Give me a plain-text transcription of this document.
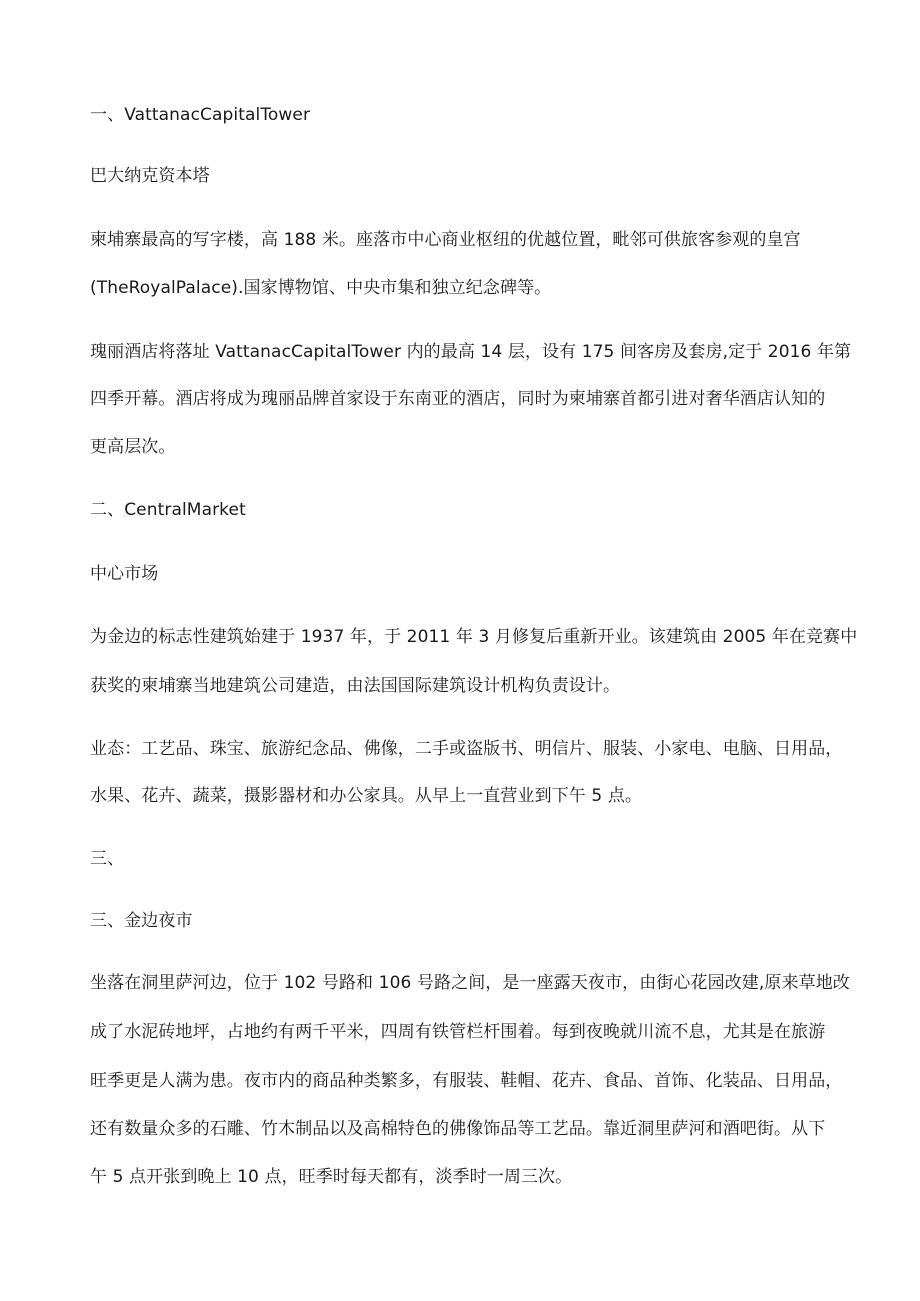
一、VattanacCapitalTower
巴大纳克资本塔
柬埔寨最高的写字楼，高 188 米。座落市中心商业枢纽的优越位置，毗邻可供旅客参观的皇宫
(TheRoyalPalace).国家博物馆、中央市集和独立纪念碑等。
瑰丽酒店将落址 VattanacCapitalTower 内的最高 14 层，设有 175 间客房及套房,定于 2016 年第
四季开幕。酒店将成为瑰丽品牌首家设于东南亚的酒店，同时为柬埔寨首都引进对奢华酒店认知的
更高层次。
二、CentralMarket
中心市场
为金边的标志性建筑始建于 1937 年，于 2011 年 3 月修复后重新开业。该建筑由 2005 年在竞赛中
获奖的柬埔寨当地建筑公司建造，由法国国际建筑设计机构负责设计。
业态：工艺品、珠宝、旅游纪念品、佛像，二手或盗版书、明信片、服装、小家电、电脑、日用品，
水果、花卉、蔬菜，摄影器材和办公家具。从早上一直营业到下午 5 点。
三、
三、金边夜市
坐落在洞里萨河边，位于 102 号路和 106 号路之间，是一座露天夜市，由街心花园改建,原来草地改
成了水泥砖地坪，占地约有两千平米，四周有铁管栏杆围着。每到夜晚就川流不息，尤其是在旅游
旺季更是人满为患。夜市内的商品种类繁多，有服装、鞋帽、花卉、食品、首饰、化装品、日用品，
还有数量众多的石雕、竹木制品以及高棉特色的佛像饰品等工艺品。靠近洞里萨河和酒吧街。从下
午 5 点开张到晚上 10 点，旺季时每天都有，淡季时一周三次。
